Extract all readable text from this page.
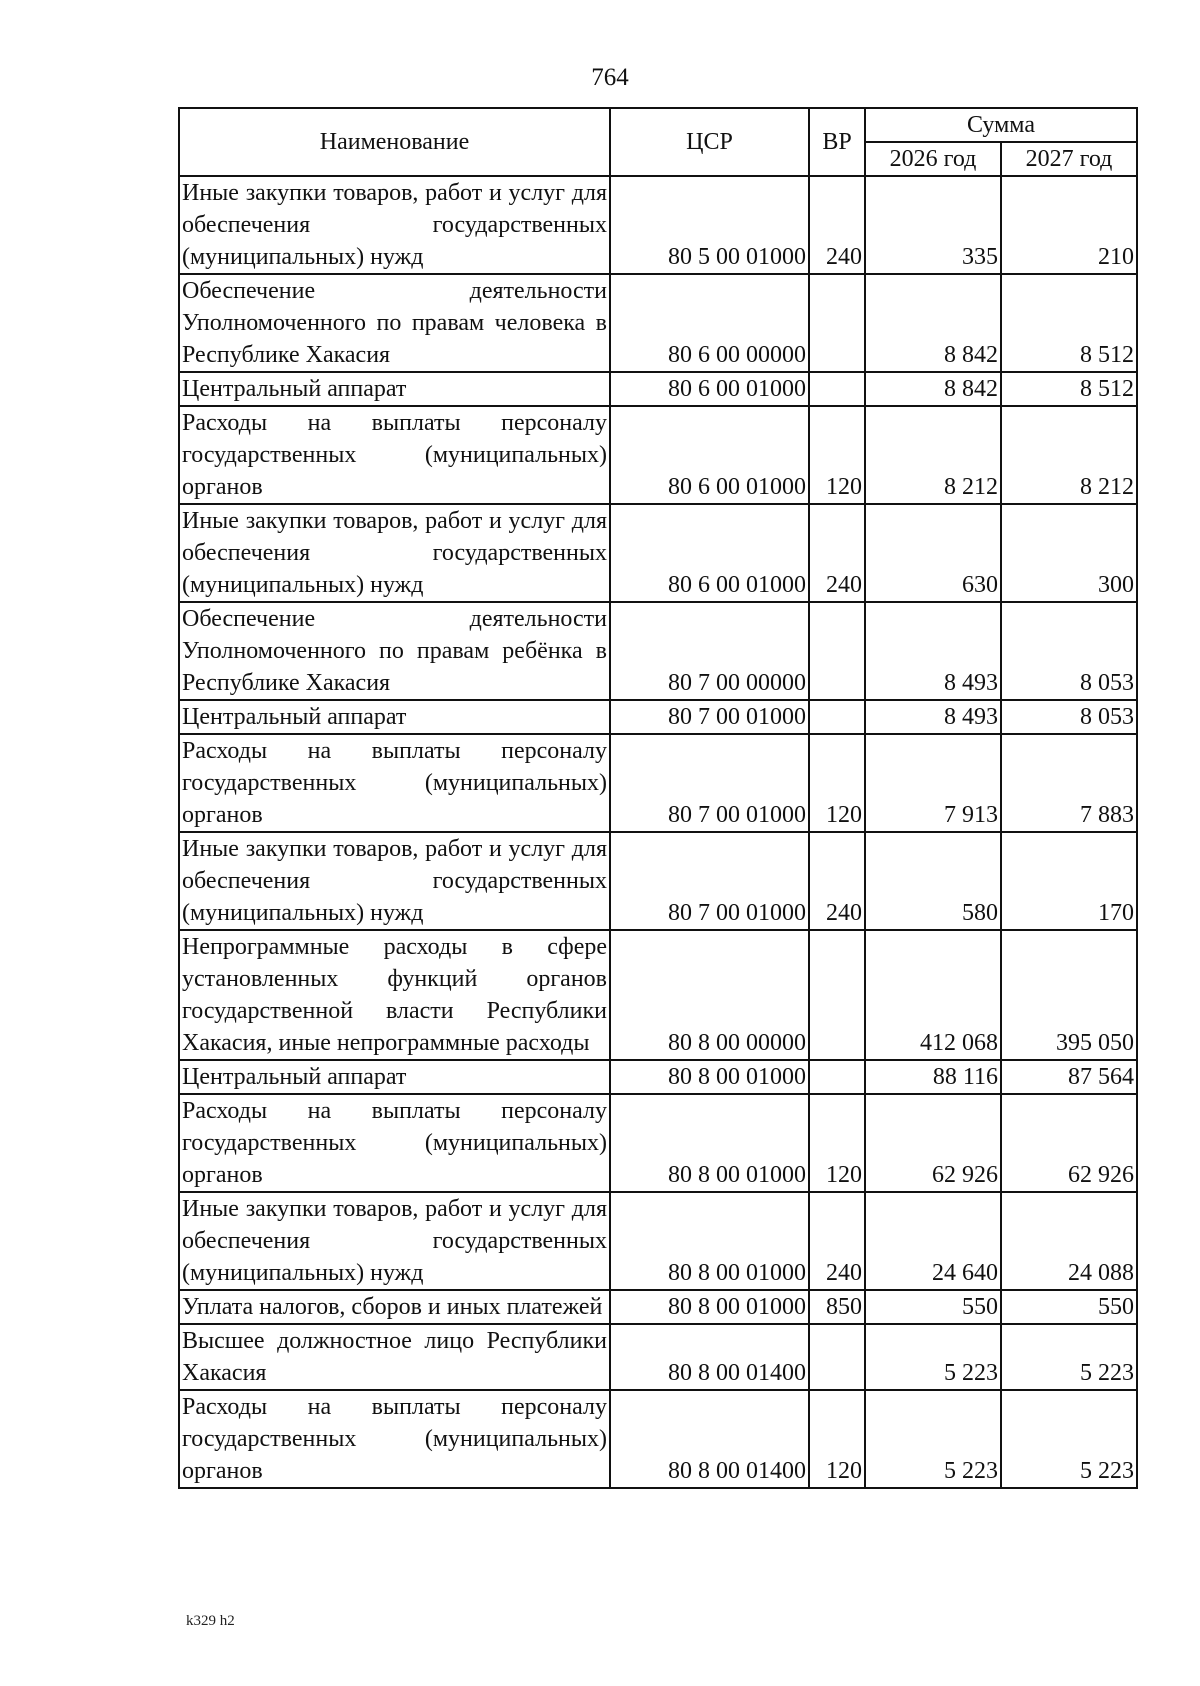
764
Наименование	ЦСР	ВР	Сумма	
			2026 год	2027 год
Иные закупки товаров, работ и услуг для обеспечения государственных (муниципальных) нужд	80 5 00 01000	240	335	210
Обеспечение деятельности Уполномоченного по правам человека в Республике Хакасия	80 6 00 00000		8 842	8 512
Центральный аппарат	80 6 00 01000		8 842	8 512
Расходы на выплаты персоналу государственных (муниципальных) органов	80 6 00 01000	120	8 212	8 212
Иные закупки товаров, работ и услуг для обеспечения государственных (муниципальных) нужд	80 6 00 01000	240	630	300
Обеспечение деятельности Уполномоченного по правам ребёнка в Республике Хакасия	80 7 00 00000		8 493	8 053
Центральный аппарат	80 7 00 01000		8 493	8 053
Расходы на выплаты персоналу государственных (муниципальных) органов	80 7 00 01000	120	7 913	7 883
Иные закупки товаров, работ и услуг для обеспечения государственных (муниципальных) нужд	80 7 00 01000	240	580	170
Непрограммные расходы в сфере установленных функций органов государственной власти Республики Хакасия, иные непрограммные расходы	80 8 00 00000		412 068	395 050
Центральный аппарат	80 8 00 01000		88 116	87 564
Расходы на выплаты персоналу государственных (муниципальных) органов	80 8 00 01000	120	62 926	62 926
Иные закупки товаров, работ и услуг для обеспечения государственных (муниципальных) нужд	80 8 00 01000	240	24 640	24 088
Уплата налогов, сборов и иных платежей	80 8 00 01000	850	550	550
Высшее должностное лицо Республики Хакасия	80 8 00 01400		5 223	5 223
Расходы на выплаты персоналу государственных (муниципальных) органов	80 8 00 01400	120	5 223	5 223
k329 h2
